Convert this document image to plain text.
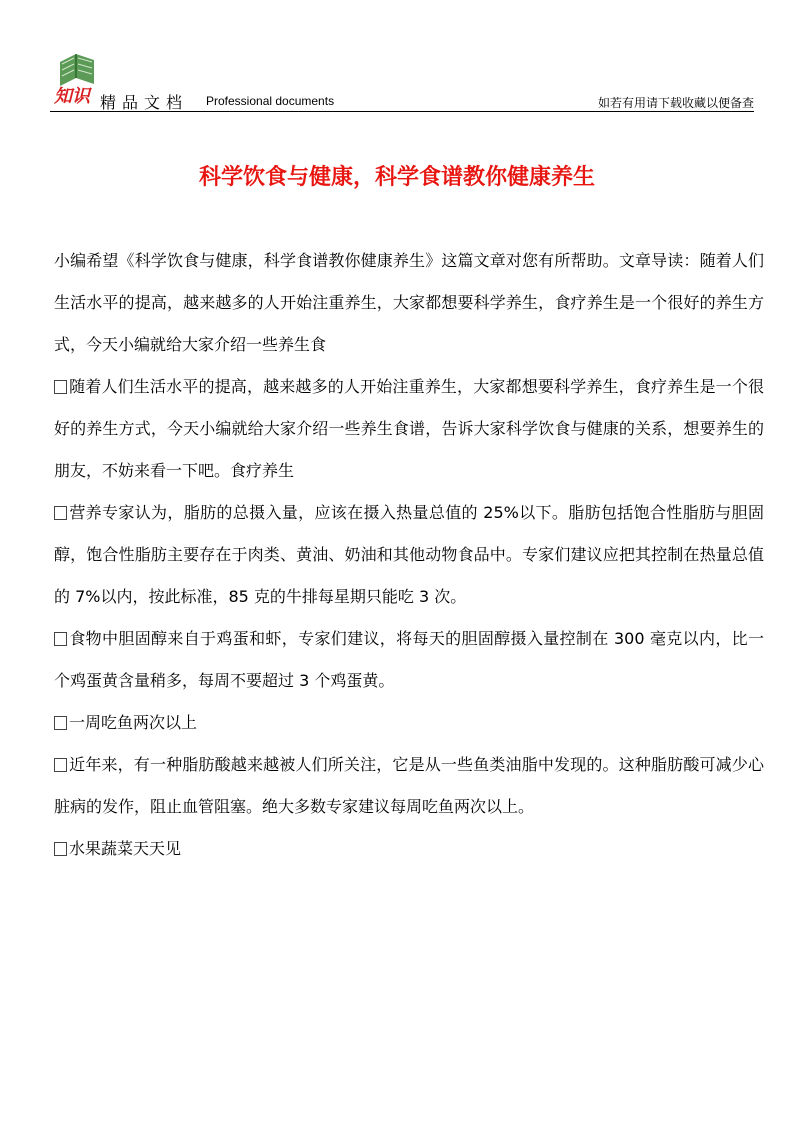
知识 精品文档 Professional documents	如若有用请下载收藏以便备查
科学饮食与健康，科学食谱教你健康养生

小编希望《科学饮食与健康，科学食谱教你健康养生》这篇文章对您有所帮助。文章导读：随着人们生活水平的提高，越来越多的人开始注重养生，大家都想要科学养生，食疗养生是一个很好的养生方式，今天小编就给大家介绍一些养生食

随着人们生活水平的提高，越来越多的人开始注重养生，大家都想要科学养生，食疗养生是一个很好的养生方式，今天小编就给大家介绍一些养生食谱，告诉大家科学饮食与健康的关系，想要养生的朋友，不妨来看一下吧。食疗养生

营养专家认为，脂肪的总摄入量，应该在摄入热量总值的 25%以下。脂肪包括饱合性脂肪与胆固醇，饱合性脂肪主要存在于肉类、黄油、奶油和其他动物食品中。专家们建议应把其控制在热量总值的 7%以内，按此标准，85 克的牛排每星期只能吃 3 次。

食物中胆固醇来自于鸡蛋和虾，专家们建议，将每天的胆固醇摄入量控制在 300 毫克以内，比一个鸡蛋黄含量稍多，每周不要超过 3 个鸡蛋黄。

一周吃鱼两次以上

近年来，有一种脂肪酸越来越被人们所关注，它是从一些鱼类油脂中发现的。这种脂肪酸可减少心脏病的发作，阻止血管阻塞。绝大多数专家建议每周吃鱼两次以上。

水果蔬菜天天见
